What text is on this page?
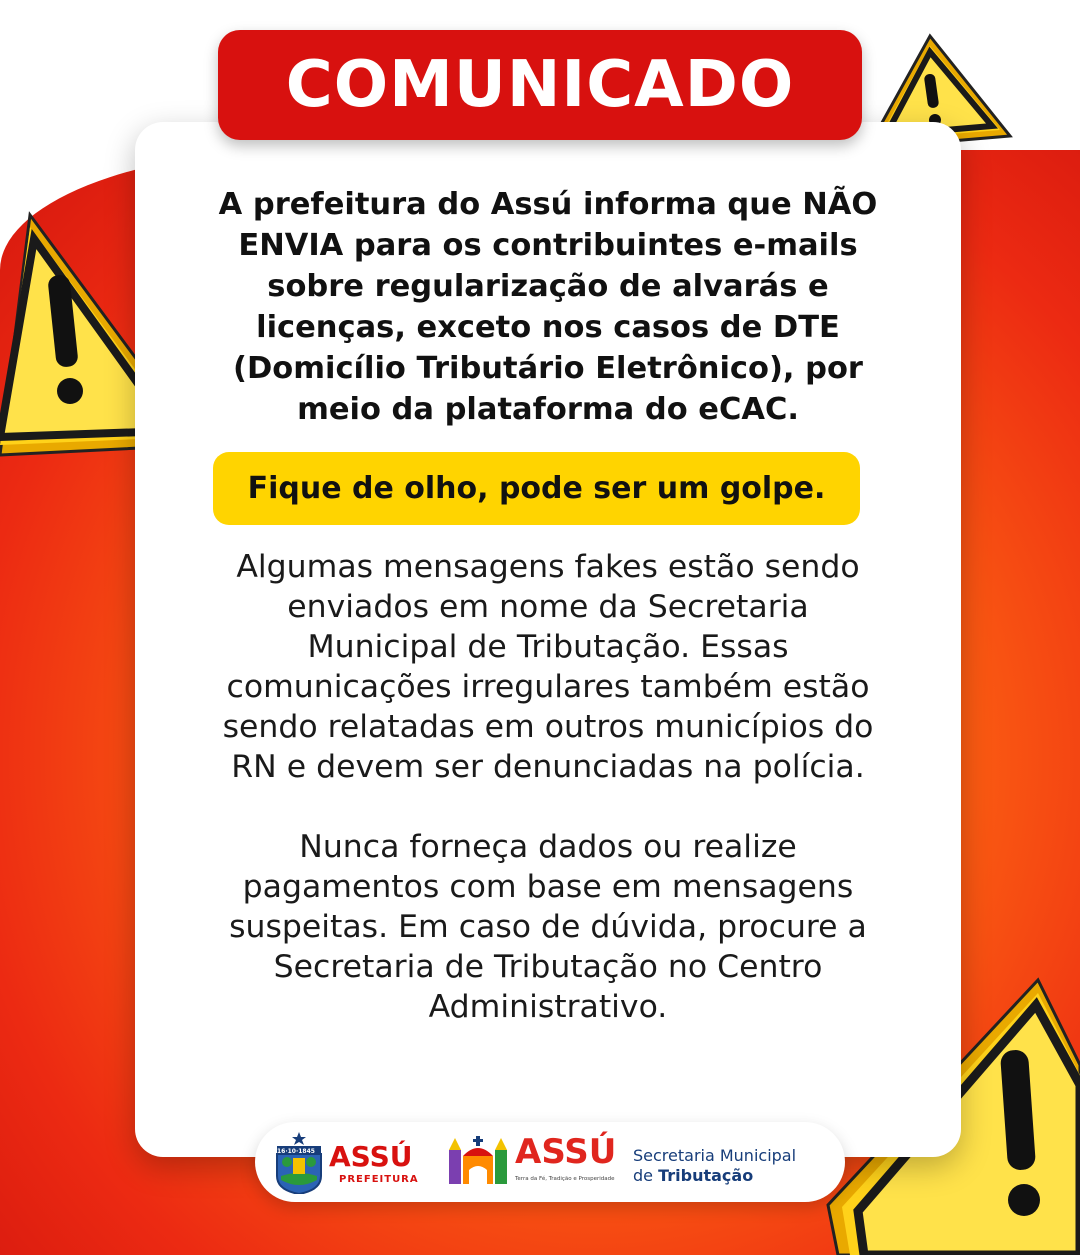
COMUNICADO

A prefeitura do Assú informa que NÃO
ENVIA para os contribuintes e-mails
sobre regularização de alvarás e
licenças, exceto nos casos de DTE
(Domicílio Tributário Eletrônico), por
meio da plataforma do eCAC.

Fique de olho, pode ser um golpe.

Algumas mensagens fakes estão sendo
enviados em nome da Secretaria
Municipal de Tributação. Essas
comunicações irregulares também estão
sendo relatadas em outros municípios do
RN e devem ser denunciadas na polícia.

Nunca forneça dados ou realize
pagamentos com base em mensagens
suspeitas. Em caso de dúvida, procure a
Secretaria de Tributação no Centro
Administrativo.

16·10·1845 ASSÚ
PREFEITURA
ASSÚ
Terra da Fé, Tradição e Prosperidade
Secretaria Municipal
de Tributação
